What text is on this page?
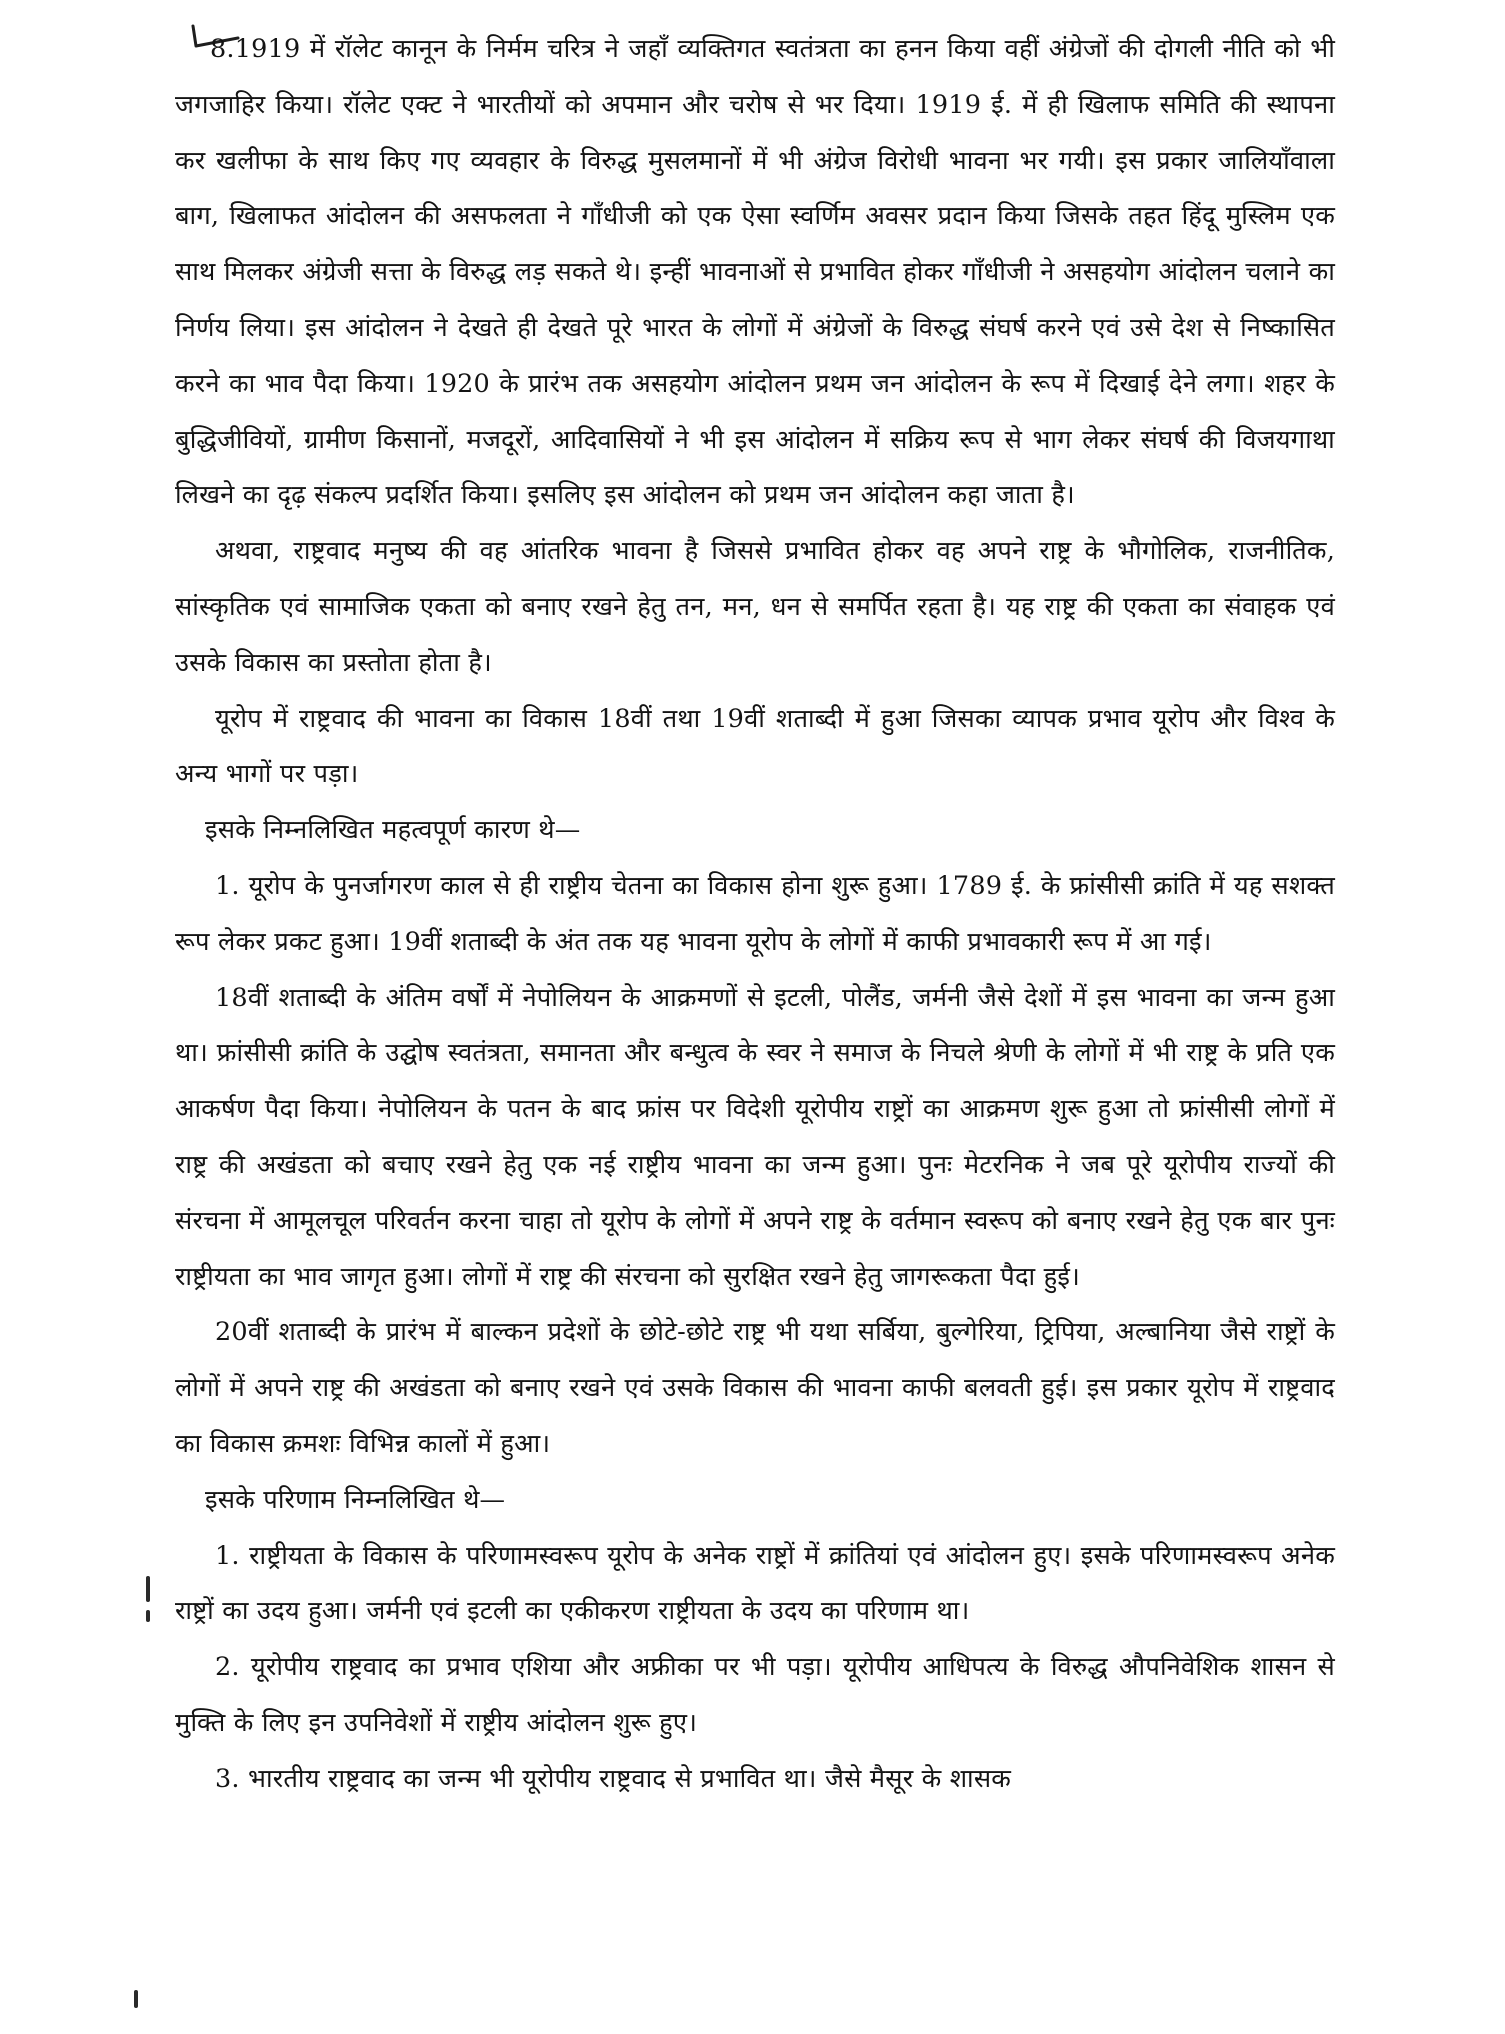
8.1919 में रॉलेट कानून के निर्मम चरित्र ने जहाँ व्यक्तिगत स्वतंत्रता का हनन किया वहीं अंग्रेजों की दोगली नीति को भी जगजाहिर किया। रॉलेट एक्ट ने भारतीयों को अपमान और चरोष से भर दिया। 1919 ई. में ही खिलाफ समिति की स्थापना कर खलीफा के साथ किए गए व्यवहार के विरुद्ध मुसलमानों में भी अंग्रेज विरोधी भावना भर गयी। इस प्रकार जालियाँवाला बाग, खिलाफत आंदोलन की असफलता ने गाँधीजी को एक ऐसा स्वर्णिम अवसर प्रदान किया जिसके तहत हिंदू मुस्लिम एक साथ मिलकर अंग्रेजी सत्ता के विरुद्ध लड़ सकते थे। इन्हीं भावनाओं से प्रभावित होकर गाँधीजी ने असहयोग आंदोलन चलाने का निर्णय लिया। इस आंदोलन ने देखते ही देखते पूरे भारत के लोगों में अंग्रेजों के विरुद्ध संघर्ष करने एवं उसे देश से निष्कासित करने का भाव पैदा किया। 1920 के प्रारंभ तक असहयोग आंदोलन प्रथम जन आंदोलन के रूप में दिखाई देने लगा। शहर के बुद्धिजीवियों, ग्रामीण किसानों, मजदूरों, आदिवासियों ने भी इस आंदोलन में सक्रिय रूप से भाग लेकर संघर्ष की विजयगाथा लिखने का दृढ़ संकल्प प्रदर्शित किया। इसलिए इस आंदोलन को प्रथम जन आंदोलन कहा जाता है।

अथवा, राष्ट्रवाद मनुष्य की वह आंतरिक भावना है जिससे प्रभावित होकर वह अपने राष्ट्र के भौगोलिक, राजनीतिक, सांस्कृतिक एवं सामाजिक एकता को बनाए रखने हेतु तन, मन, धन से समर्पित रहता है। यह राष्ट्र की एकता का संवाहक एवं उसके विकास का प्रस्तोता होता है।

यूरोप में राष्ट्रवाद की भावना का विकास 18वीं तथा 19वीं शताब्दी में हुआ जिसका व्यापक प्रभाव यूरोप और विश्व के अन्य भागों पर पड़ा।

इसके निम्नलिखित महत्वपूर्ण कारण थे—

1. यूरोप के पुनर्जागरण काल से ही राष्ट्रीय चेतना का विकास होना शुरू हुआ। 1789 ई. के फ्रांसीसी क्रांति में यह सशक्त रूप लेकर प्रकट हुआ। 19वीं शताब्दी के अंत तक यह भावना यूरोप के लोगों में काफी प्रभावकारी रूप में आ गई।

18वीं शताब्दी के अंतिम वर्षों में नेपोलियन के आक्रमणों से इटली, पोलैंड, जर्मनी जैसे देशों में इस भावना का जन्म हुआ था। फ्रांसीसी क्रांति के उद्घोष स्वतंत्रता, समानता और बन्धुत्व के स्वर ने समाज के निचले श्रेणी के लोगों में भी राष्ट्र के प्रति एक आकर्षण पैदा किया। नेपोलियन के पतन के बाद फ्रांस पर विदेशी यूरोपीय राष्ट्रों का आक्रमण शुरू हुआ तो फ्रांसीसी लोगों में राष्ट्र की अखंडता को बचाए रखने हेतु एक नई राष्ट्रीय भावना का जन्म हुआ। पुनः मेटरनिक ने जब पूरे यूरोपीय राज्यों की संरचना में आमूलचूल परिवर्तन करना चाहा तो यूरोप के लोगों में अपने राष्ट्र के वर्तमान स्वरूप को बनाए रखने हेतु एक बार पुनः राष्ट्रीयता का भाव जागृत हुआ। लोगों में राष्ट्र की संरचना को सुरक्षित रखने हेतु जागरूकता पैदा हुई।

20वीं शताब्दी के प्रारंभ में बाल्कन प्रदेशों के छोटे-छोटे राष्ट्र भी यथा सर्बिया, बुल्गेरिया, ट्रिपिया, अल्बानिया जैसे राष्ट्रों के लोगों में अपने राष्ट्र की अखंडता को बनाए रखने एवं उसके विकास की भावना काफी बलवती हुई। इस प्रकार यूरोप में राष्ट्रवाद का विकास क्रमशः विभिन्न कालों में हुआ।

इसके परिणाम निम्नलिखित थे—

1. राष्ट्रीयता के विकास के परिणामस्वरूप यूरोप के अनेक राष्ट्रों में क्रांतियां एवं आंदोलन हुए। इसके परिणामस्वरूप अनेक राष्ट्रों का उदय हुआ। जर्मनी एवं इटली का एकीकरण राष्ट्रीयता के उदय का परिणाम था।

2. यूरोपीय राष्ट्रवाद का प्रभाव एशिया और अफ्रीका पर भी पड़ा। यूरोपीय आधिपत्य के विरुद्ध औपनिवेशिक शासन से मुक्ति के लिए इन उपनिवेशों में राष्ट्रीय आंदोलन शुरू हुए।

3. भारतीय राष्ट्रवाद का जन्म भी यूरोपीय राष्ट्रवाद से प्रभावित था। जैसे मैसूर के शासक
